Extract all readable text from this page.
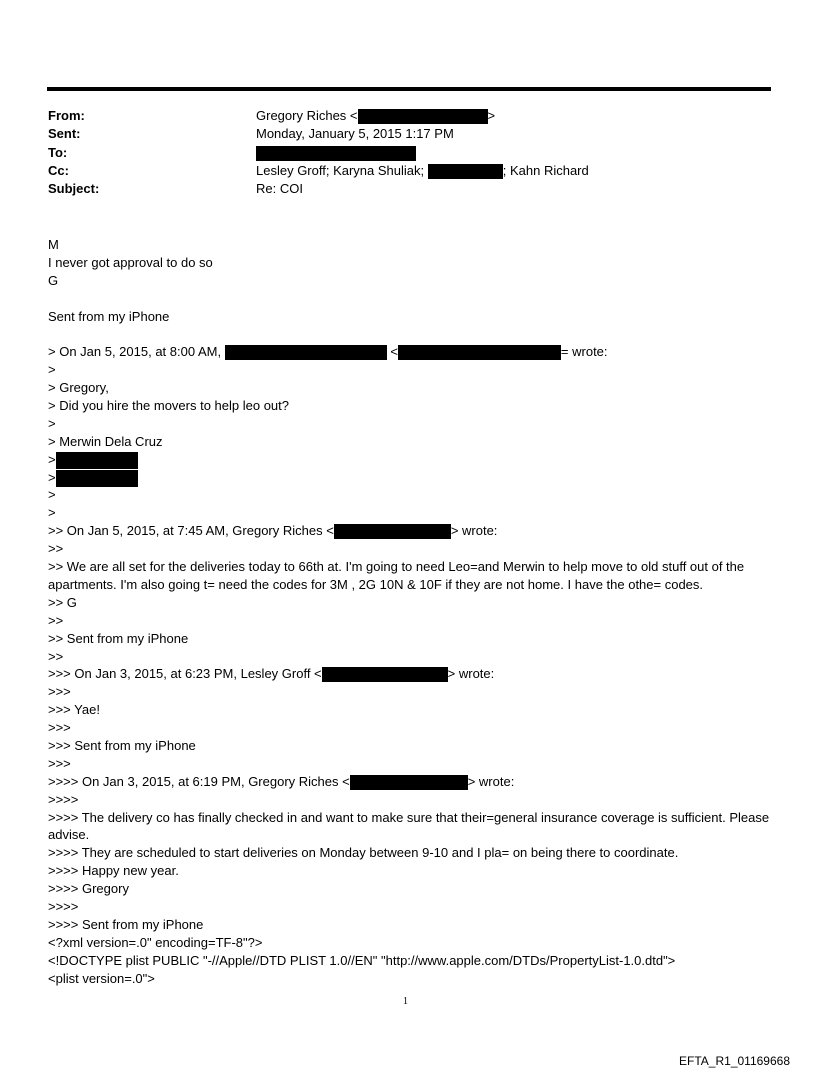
From:	Gregory Riches <	>
Sent:	Monday, January 5, 2015 1:17 PM
To:
Cc:	Lesley Groff; Karyna Shuliak;	; Kahn Richard
Subject:	Re: COI
M
I never got approval to do so
G
Sent from my iPhone
> On Jan 5, 2015, at 8:00 AM,	<	= wrote:
>
> Gregory,
> Did you hire the movers to help leo out?
>
> Merwin Dela Cruz
>
>
>
>
>> On Jan 5, 2015, at 7:45 AM, Gregory Riches <	> wrote:
>>
>> We are all set for the deliveries today to 66th at. I'm going to need Leo=and Merwin to help move to old stuff out of the apartments. I'm also going t= need the codes for 3M , 2G 10N & 10F if they are not home. I have the othe= codes.
>> G
>>
>> Sent from my iPhone
>>
>>> On Jan 3, 2015, at 6:23 PM, Lesley Groff <	> wrote:
>>>
>>> Yae!
>>>
>>> Sent from my iPhone
>>>
>>>> On Jan 3, 2015, at 6:19 PM, Gregory Riches <	> wrote:
>>>>
>>>> The delivery co has finally checked in and want to make sure that their=general insurance coverage is sufficient. Please advise.
>>>> They are scheduled to start deliveries on Monday between 9-10 and I pla= on being there to coordinate.
>>>> Happy new year.
>>>> Gregory
>>>>
>>>> Sent from my iPhone
<?xml version=.0" encoding=TF-8"?>
<!DOCTYPE plist PUBLIC "-//Apple//DTD PLIST 1.0//EN" "http://www.apple.com/DTDs/PropertyList-1.0.dtd">
<plist version=.0">
1
EFTA_R1_01169668
